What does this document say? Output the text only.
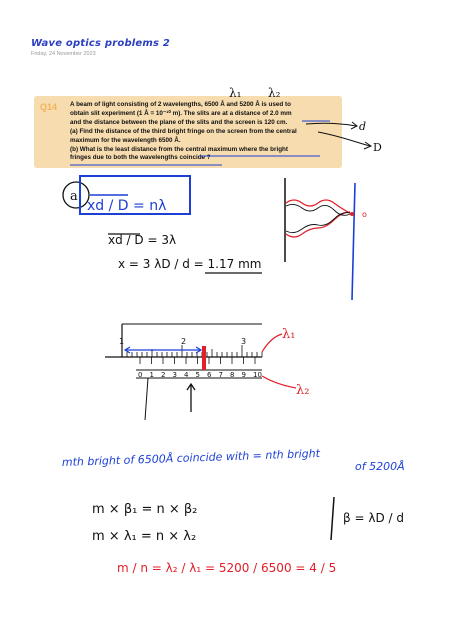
Wave optics problems 2
Friday, 24 November 2023
Q14 A beam of light consisting of 2 wavelengths, 6500 Å and 5200 Å is used to
obtain slit experiment (1 Å = 10⁻¹⁰ m). The slits are at a distance of 2.0 mm
and the distance between the plane of the slits and the screen is 120 cm.
(a) Find the distance of the third bright fringe on the screen from the central
maximum for the wavelength 6500 Å.
(b) What is the least distance from the central maximum where the bright
fringes due to both the wavelengths coincide ?
λ₁ λ₂
d
D
a
xd / D = nλ
xd / D = 3λ
x = 3 λD / d = 1.17 mm
o
1	2	3
0 1 2 3 4 5 6 7 8 9 10
λ₁
λ₂
mth bright of 6500Å coincide with = nth bright	of 5200Å
m × β₁ = n × β₂
m × λ₁ = n × λ₂
β = λD / d
m / n = λ₂ / λ₁ = 5200 / 6500 = 4 / 5
